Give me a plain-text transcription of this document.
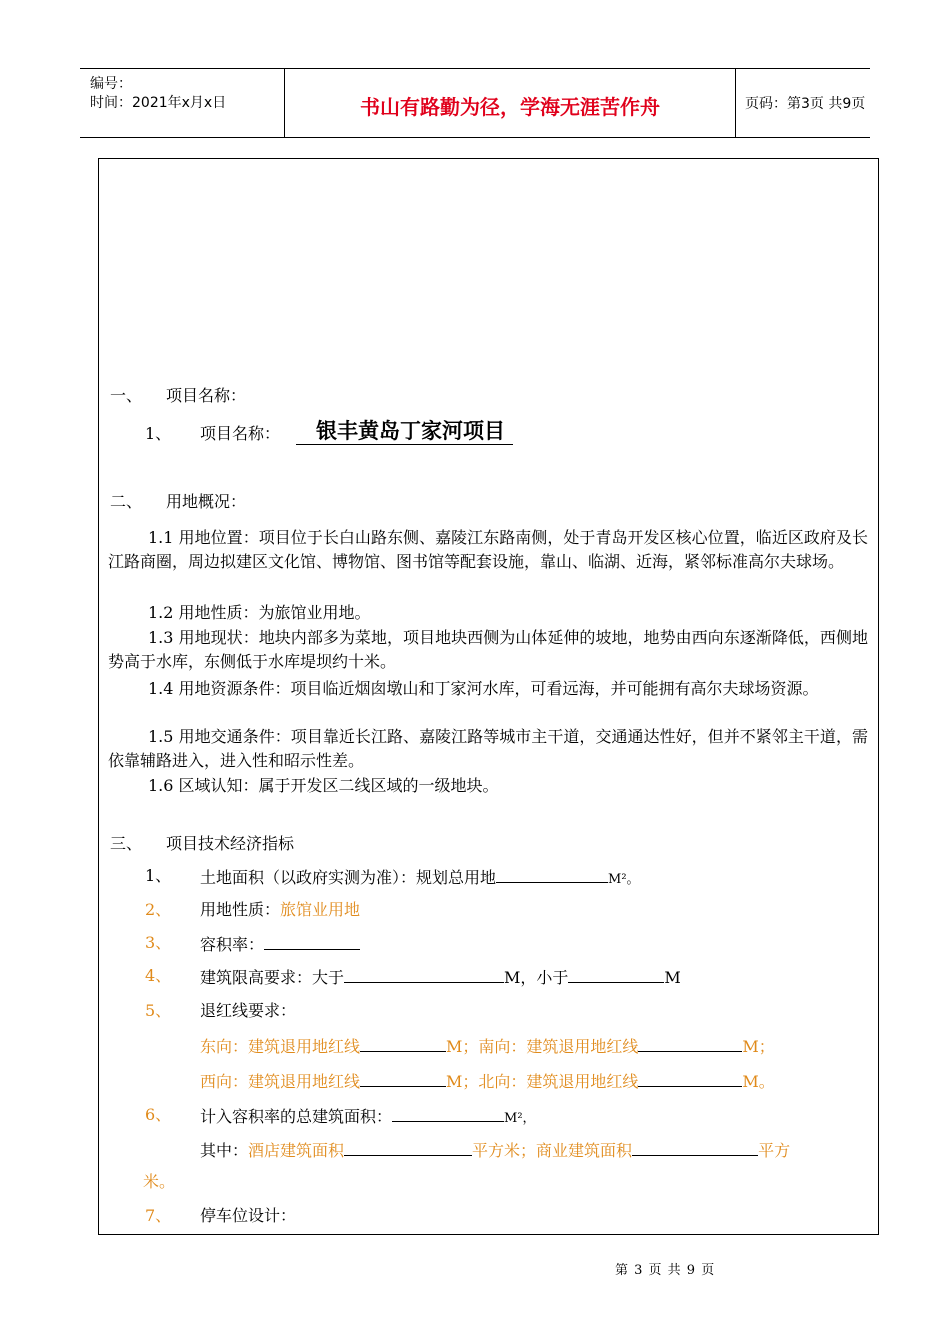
编号：
时间：2021年x月x日	书山有路勤为径，学海无涯苦作舟	页码：第3页 共9页
一、 项目名称：
1、 项目名称：	银丰黄岛丁家河项目
二、 用地概况：
1.1 用地位置：项目位于长白山路东侧、嘉陵江东路南侧，处于青岛开发区核心位置，临近区政府及长江路商圈，周边拟建区文化馆、博物馆、图书馆等配套设施，靠山、临湖、近海，紧邻标准高尔夫球场。
1.2 用地性质：为旅馆业用地。
1.3 用地现状：地块内部多为菜地，项目地块西侧为山体延伸的坡地，地势由西向东逐渐降低，西侧地势高于水库，东侧低于水库堤坝约十米。
1.4 用地资源条件：项目临近烟囱墩山和丁家河水库，可看远海，并可能拥有高尔夫球场资源。
1.5 用地交通条件：项目靠近长江路、嘉陵江路等城市主干道，交通通达性好，但并不紧邻主干道，需依靠辅路进入，进入性和昭示性差。
1.6 区域认知：属于开发区二线区域的一级地块。
三、 项目技术经济指标
1、 土地面积（以政府实测为准）：规划总用地	M²。
2、 用地性质：旅馆业用地
3、 容积率：
4、 建筑限高要求：大于	M，小于	M
5、 退红线要求：
东向：建筑退用地红线	M；南向：建筑退用地红线	M；
西向：建筑退用地红线	M；北向：建筑退用地红线	M。
6、 计入容积率的总建筑面积：	M²，
其中：酒店建筑面积	平方米；商业建筑面积	平方
米。
7、 停车位设计：
第 3 页 共 9 页
